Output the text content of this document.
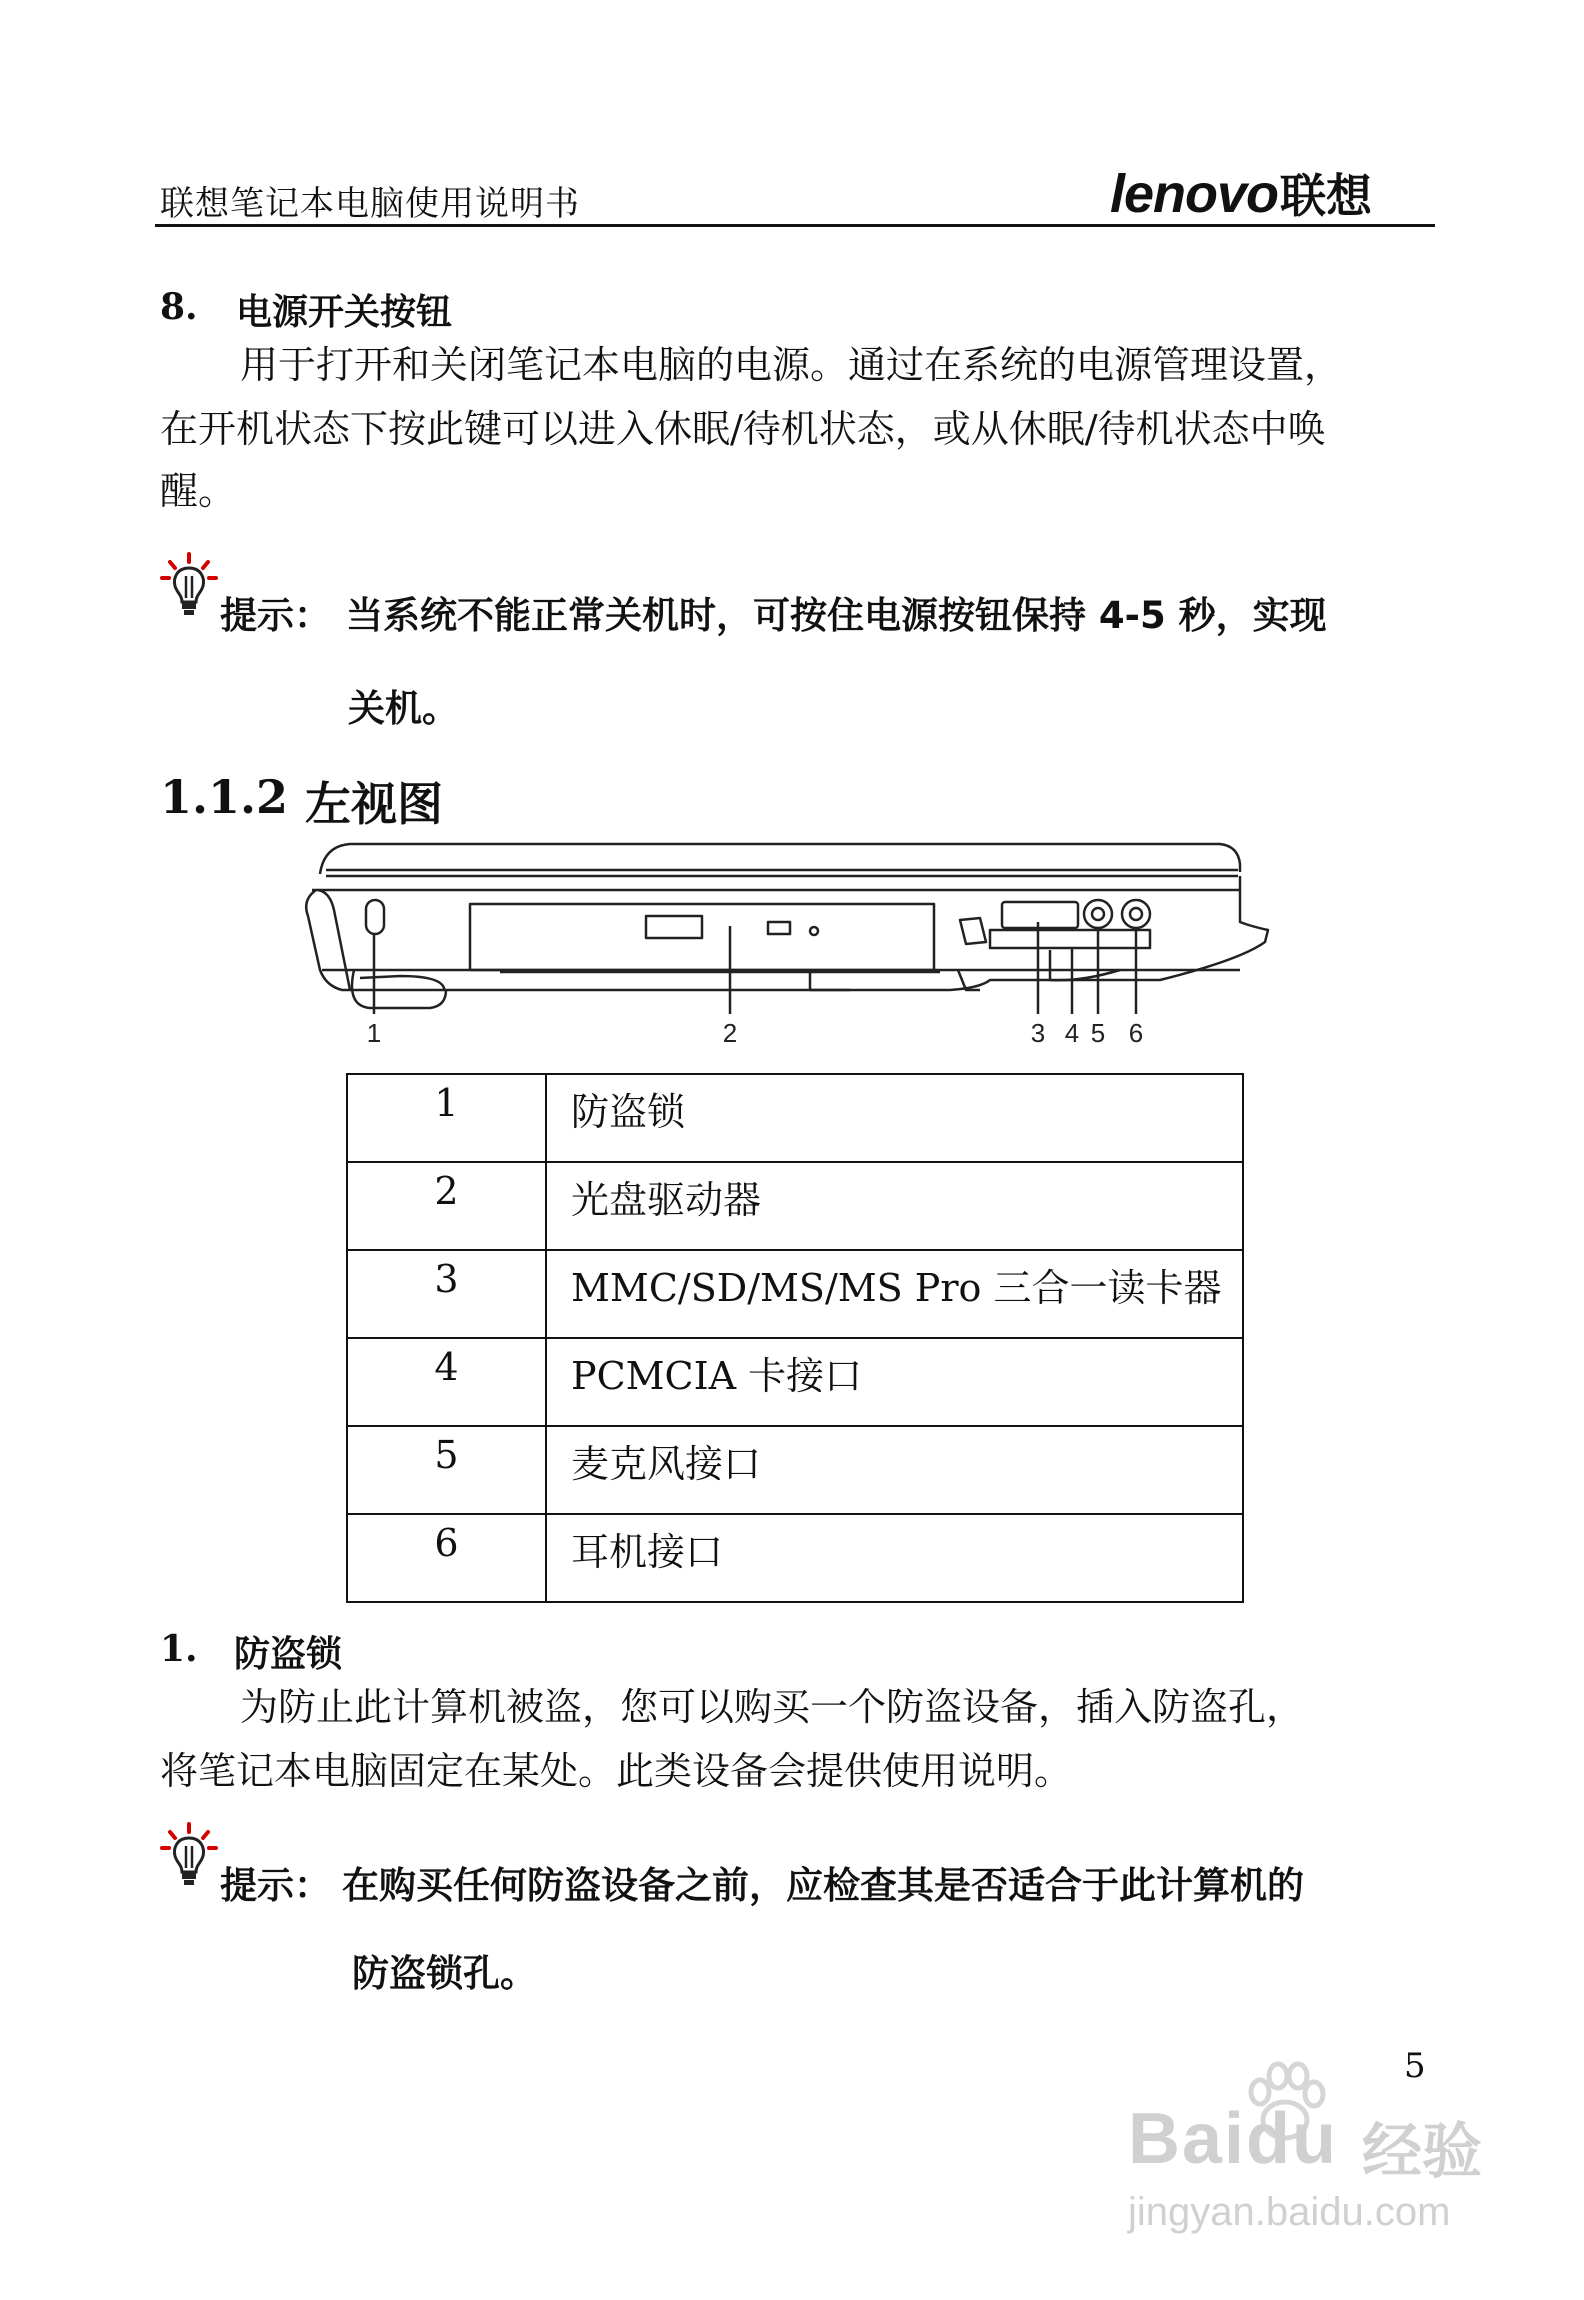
联想笔记本电脑使用说明书	lenovo联想
8. 电源开关按钮
用于打开和关闭笔记本电脑的电源。通过在系统的电源管理设置，
在开机状态下按此键可以进入休眠/待机状态，或从休眠/待机状态中唤
醒。
提示： 当系统不能正常关机时，可按住电源按钮保持 4-5 秒，实现
关机。
1.1.2 左视图
1	2	3 4 5 6
1	防盗锁
2	光盘驱动器
3	MMC/SD/MS/MS Pro 三合一读卡器
4	PCMCIA 卡接口
5	麦克风接口
6	耳机接口
1. 防盗锁
为防止此计算机被盗，您可以购买一个防盗设备，插入防盗孔，
将笔记本电脑固定在某处。此类设备会提供使用说明。
提示： 在购买任何防盗设备之前，应检查其是否适合于此计算机的
防盗锁孔。
5
Baidu 经验
jingyan.baidu.com
